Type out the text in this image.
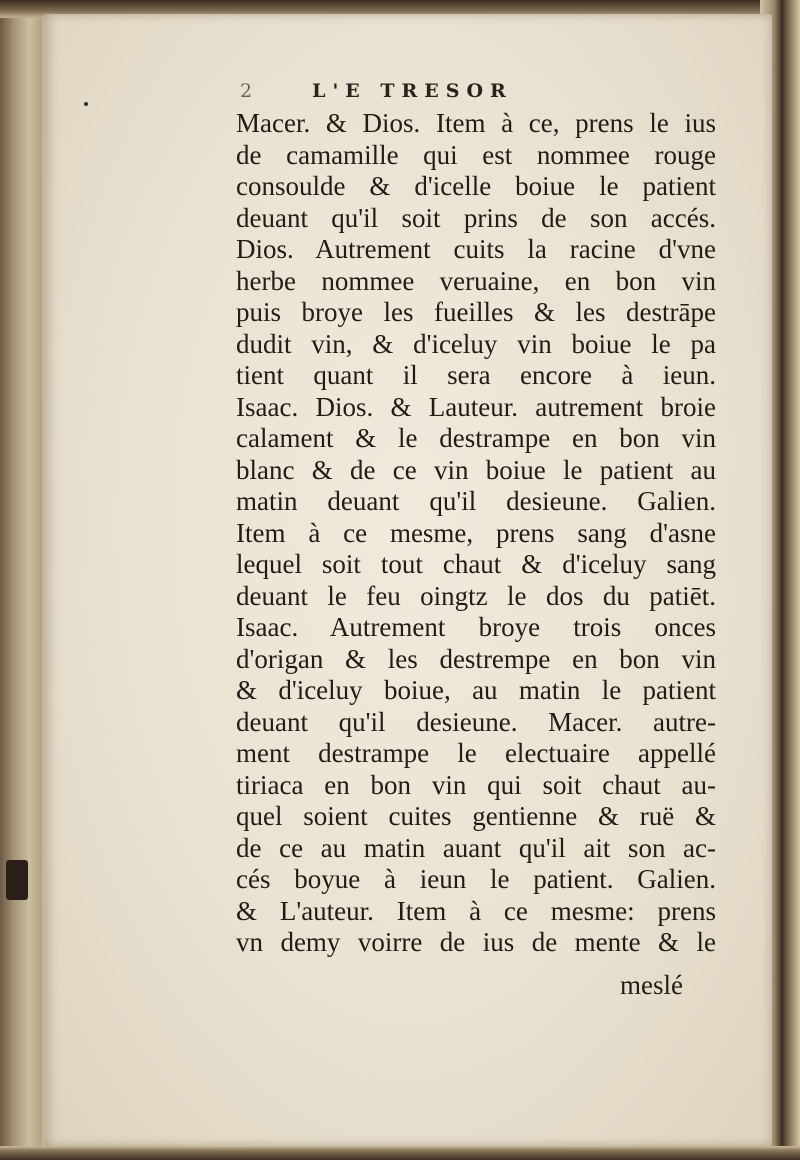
2	L'E TRESOR
Macer. & Dios. Item à ce, prens le ius
de camamille qui est nommee rouge
consoulde & d'icelle boiue le patient
deuant qu'il soit prins de son accés.
Dios. Autrement cuits la racine d'vne
herbe nommee veruaine, en bon vin
puis broye les fueilles & les destrāpe
dudit vin, & d'iceluy vin boiue le pa
tient quant il sera encore à ieun.
Isaac. Dios. & Lauteur. autrement broie
calament & le destrampe en bon vin
blanc & de ce vin boiue le patient au
matin deuant qu'il desieune. Galien.
Item à ce mesme, prens sang d'asne
lequel soit tout chaut & d'iceluy sang
deuant le feu oingtz le dos du patiēt.
Isaac. Autrement broye trois onces
d'origan & les destrempe en bon vin
& d'iceluy boiue, au matin le patient
deuant qu'il desieune. Macer. autre-
ment destrampe le electuaire appellé
tiriaca en bon vin qui soit chaut au-
quel soient cuites gentienne & ruë &
de ce au matin auant qu'il ait son ac-
cés boyue à ieun le patient. Galien.
& L'auteur. Item à ce mesme: prens
vn demy voirre de ius de mente & le
meslé
